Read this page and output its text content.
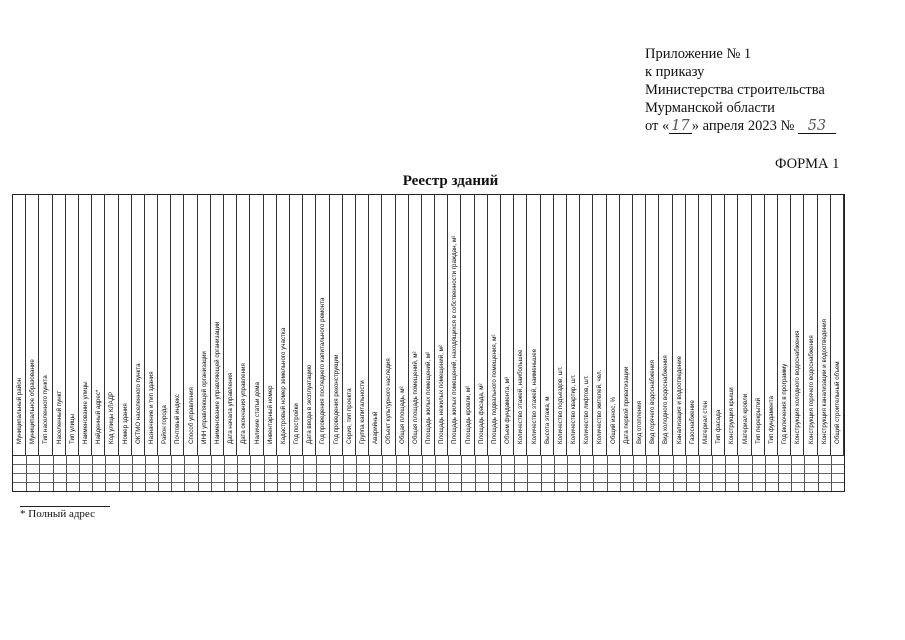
Приложение № 1
к приказу
Министерства строительства
Мурманской области
от « 17 » апреля 2023 № 53
ФОРМА 1
Реестр зданий
Муниципальный район Муниципальное образование Тип населенного пункта Населенный пункт Тип улицы Наименование улицы Найденный адрес* Код улицы КЛАДР Номер здания ОКТМО населенного пункта Назначение и тип здания Район города Почтовый индекс Способ управления ИНН управляющей организации Наименование управляющей организации Дата начала управления Дата окончания управления Наличие статьи дома Инвентарный номер Кадастровый номер земельного участка Год постройки Дата ввода в эксплуатацию Год проведения последнего капитального ремонта Год проведения реконструкции Серия, тип проекта Группа капитальности Аварийный Объект культурного наследия Общая площадь, м² Общая площадь помещений, м² Площадь жилых помещений, м² Площадь нежилых помещений, м² Площадь жилых помещений, находящихся в собственности граждан, м² Площадь кровли, м² Площадь фасада, м² Площадь подвального помещения, м² Объем фундамента, м³ Количество этажей, наибольшее Количество этажей, наименьшее Высота этажа, м Количество подъездов, шт. Количество квартир, шт. Количество лифтов, шт. Количество жителей, чел. Общий износ, % Дата первой приватизации Вид отопления Вид горячего водоснабжения Вид холодного водоснабжения Канализация и водоотведение Газоснабжение Материал стен Тип фасада Конструкция крыши Материал кровли Тип перекрытий Тип фундамента Год включения в программу Конструкция холодного водоснабжения Конструкция горячего водоснабжения Конструкция канализации и водоотведения Общий строительный объем
* Полный адрес
